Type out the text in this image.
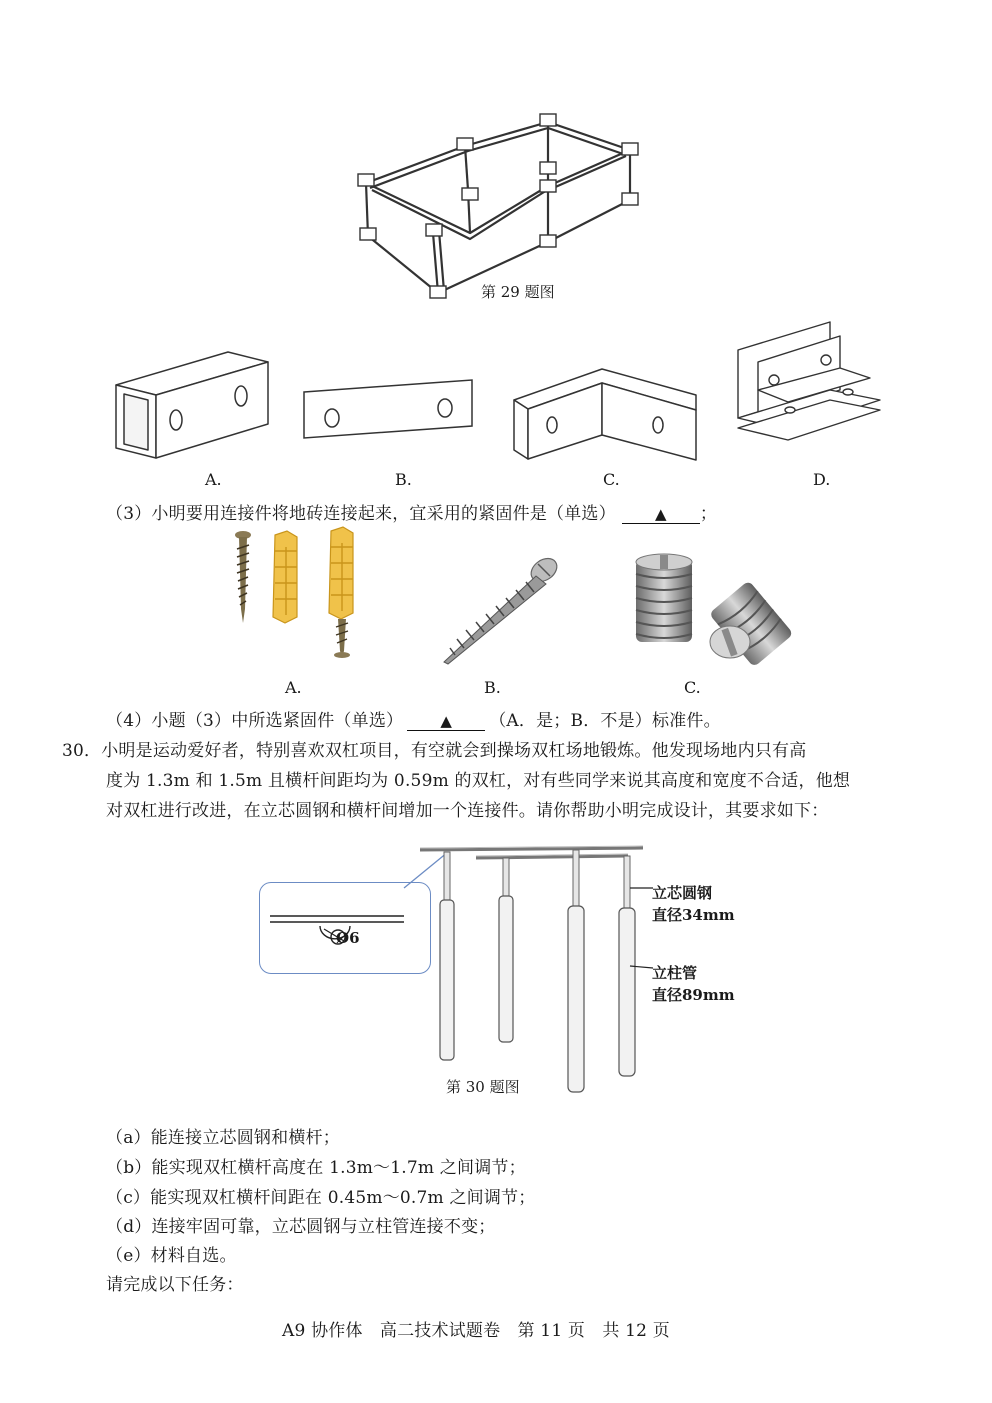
第 29 题图
A.	B.	C.	D.
（3）小明要用连接件将地砖连接起来，宜采用的紧固件是（单选）	▲ ；
A.	B.	C.
（4）小题（3）中所选紧固件（单选） ▲ （A．是；B．不是）标准件。
30．小明是运动爱好者，特别喜欢双杠项目，有空就会到操场双杠场地锻炼。他发现场地内只有高
度为 1.3m 和 1.5m 且横杆间距均为 0.59m 的双杠，对有些同学来说其高度和宽度不合适，他想
对双杠进行改进，在立芯圆钢和横杆间增加一个连接件。请你帮助小明完成设计，其要求如下：
Ø6
立芯圆钢
直径34mm
立柱管
直径89mm
第 30 题图
（a）能连接立芯圆钢和横杆；
（b）能实现双杠横杆高度在 1.3m～1.7m 之间调节；
（c）能实现双杠横杆间距在 0.45m～0.7m 之间调节；
（d）连接牢固可靠，立芯圆钢与立柱管连接不变；
（e）材料自选。
请完成以下任务：
A9 协作体　高二技术试题卷　第 11 页　共 12 页
